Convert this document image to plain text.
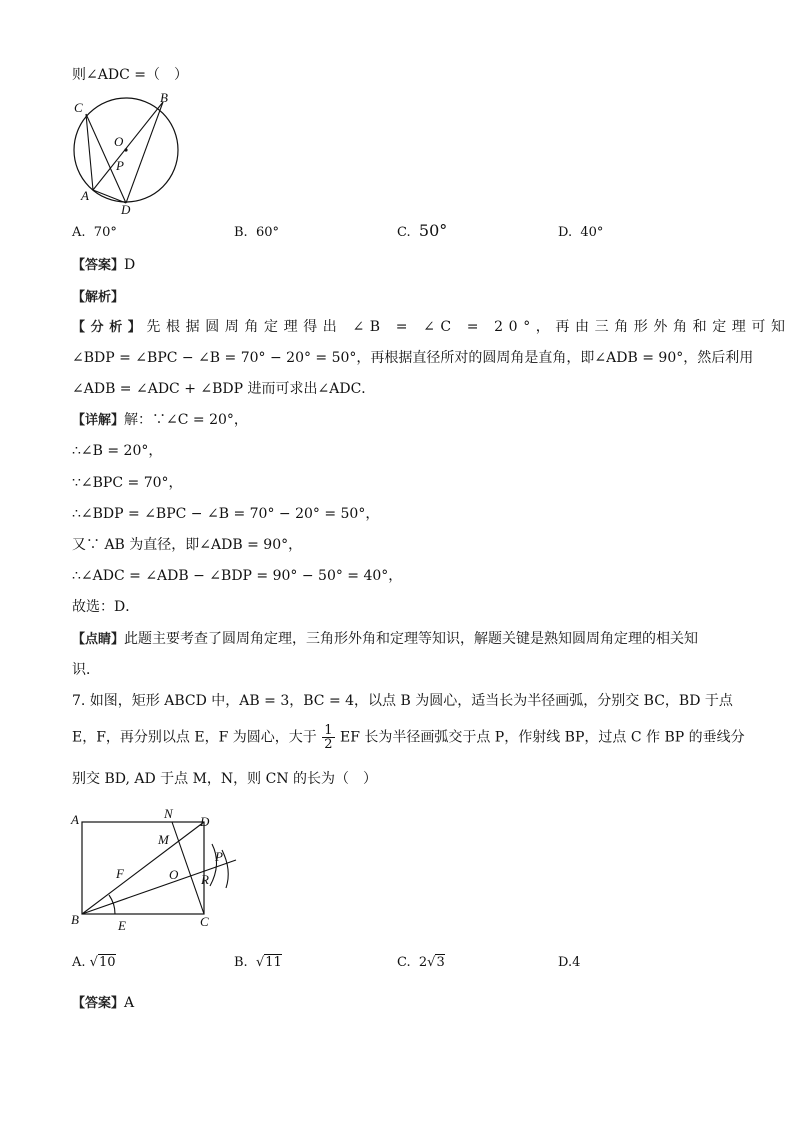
则∠ADC =（　）
C
B
O
P
A
D
A. 70°	B. 60°	C. 50°	D. 40°
【答案】D
【解析】
【分析】先根据圆周角定理得出 ∠B = ∠C = 20°，再由三角形外角和定理可知
∠BDP = ∠BPC − ∠B = 70° − 20° = 50°，再根据直径所对的圆周角是直角，即∠ADB = 90°，然后利用
∠ADB = ∠ADC + ∠BDP 进而可求出∠ADC．
【详解】解：∵∠C = 20°，
∴∠B = 20°，
∵∠BPC = 70°，
∴∠BDP = ∠BPC − ∠B = 70° − 20° = 50°，
又∵ AB 为直径，即∠ADB = 90°，
∴∠ADC = ∠ADB − ∠BDP = 90° − 50° = 40°，
故选：D．
【点睛】此题主要考查了圆周角定理，三角形外角和定理等知识，解题关键是熟知圆周角定理的相关知
识．
7. 如图，矩形 ABCD 中，AB = 3，BC = 4，以点 B 为圆心，适当长为半径画弧，分别交 BC，BD 于点
E，F，再分别以点 E，F 为圆心，大于 $\frac{1}{2}$ EF 长为半径画弧交于点 P，作射线 BP，过点 C 作 BP 的垂线分
别交 BD, AD 于点 M，N，则 CN 的长为（　）
A	N
D
M
P
F	O R
B	E	C
A. √10	B.  √11	C. 2√3	D.4
【答案】A
